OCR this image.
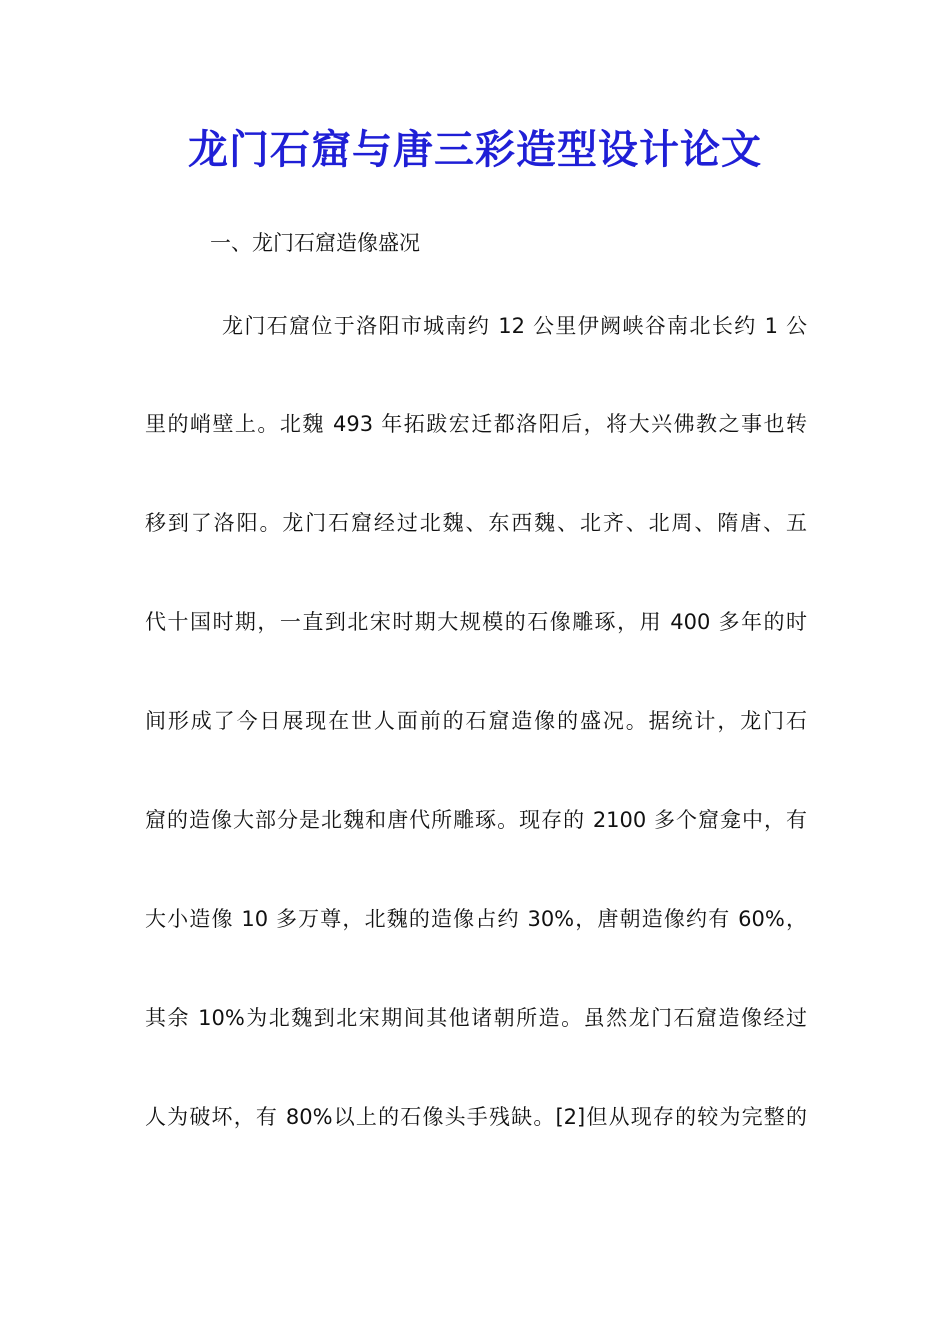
龙门石窟与唐三彩造型设计论文
一、龙门石窟造像盛况
龙门石窟位于洛阳市城南约 12 公里伊阙峡谷南北长约 1 公
里的峭壁上。北魏 493 年拓跋宏迁都洛阳后，将大兴佛教之事也转
移到了洛阳。龙门石窟经过北魏、东西魏、北齐、北周、隋唐、五
代十国时期，一直到北宋时期大规模的石像雕琢，用 400 多年的时
间形成了今日展现在世人面前的石窟造像的盛况。据统计，龙门石
窟的造像大部分是北魏和唐代所雕琢。现存的 2100 多个窟龛中，有
大小造像 10 多万尊，北魏的造像占约 30%，唐朝造像约有 60%，
其余 10%为北魏到北宋期间其他诸朝所造。虽然龙门石窟造像经过
人为破坏，有 80%以上的石像头手残缺。[2]但从现存的较为完整的
